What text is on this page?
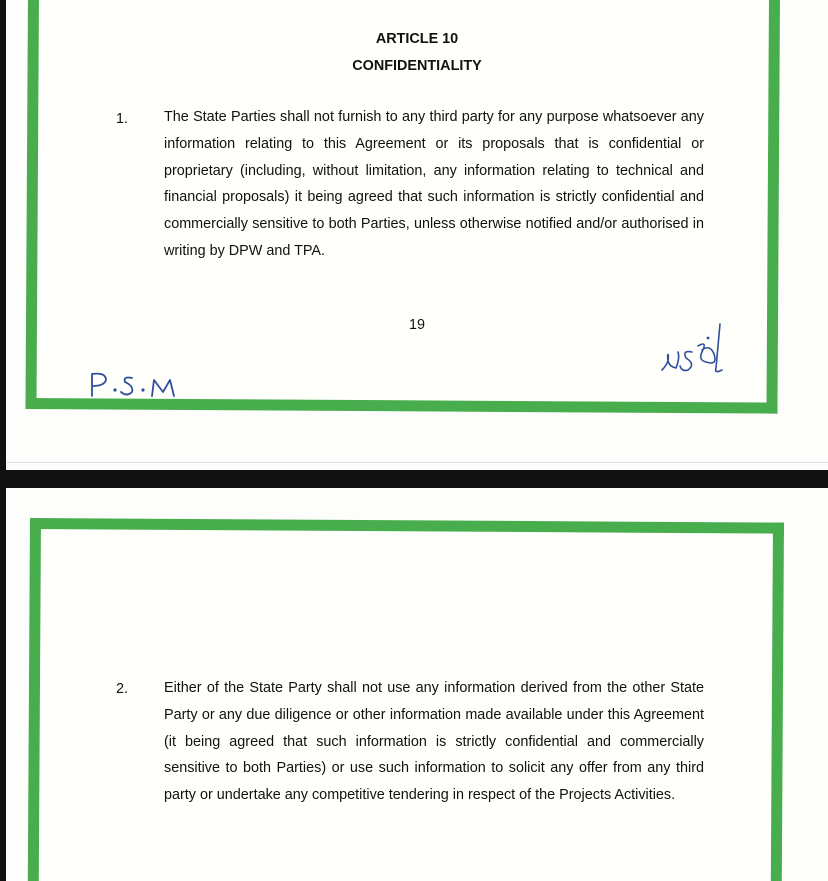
ARTICLE 10
CONFIDENTIALITY
1. The State Parties shall not furnish to any third party for any purpose whatsoever any information relating to this Agreement or its proposals that is confidential or proprietary (including, without limitation, any information relating to technical and financial proposals) it being agreed that such information is strictly confidential and commercially sensitive to both Parties, unless otherwise notified and/or authorised in writing by DPW and TPA.
19
2. Either of the State Party shall not use any information derived from the other State Party or any due diligence or other information made available under this Agreement (it being agreed that such information is strictly confidential and commercially sensitive to both Parties) or use such information to solicit any offer from any third party or undertake any competitive tendering in respect of the Projects Activities.
